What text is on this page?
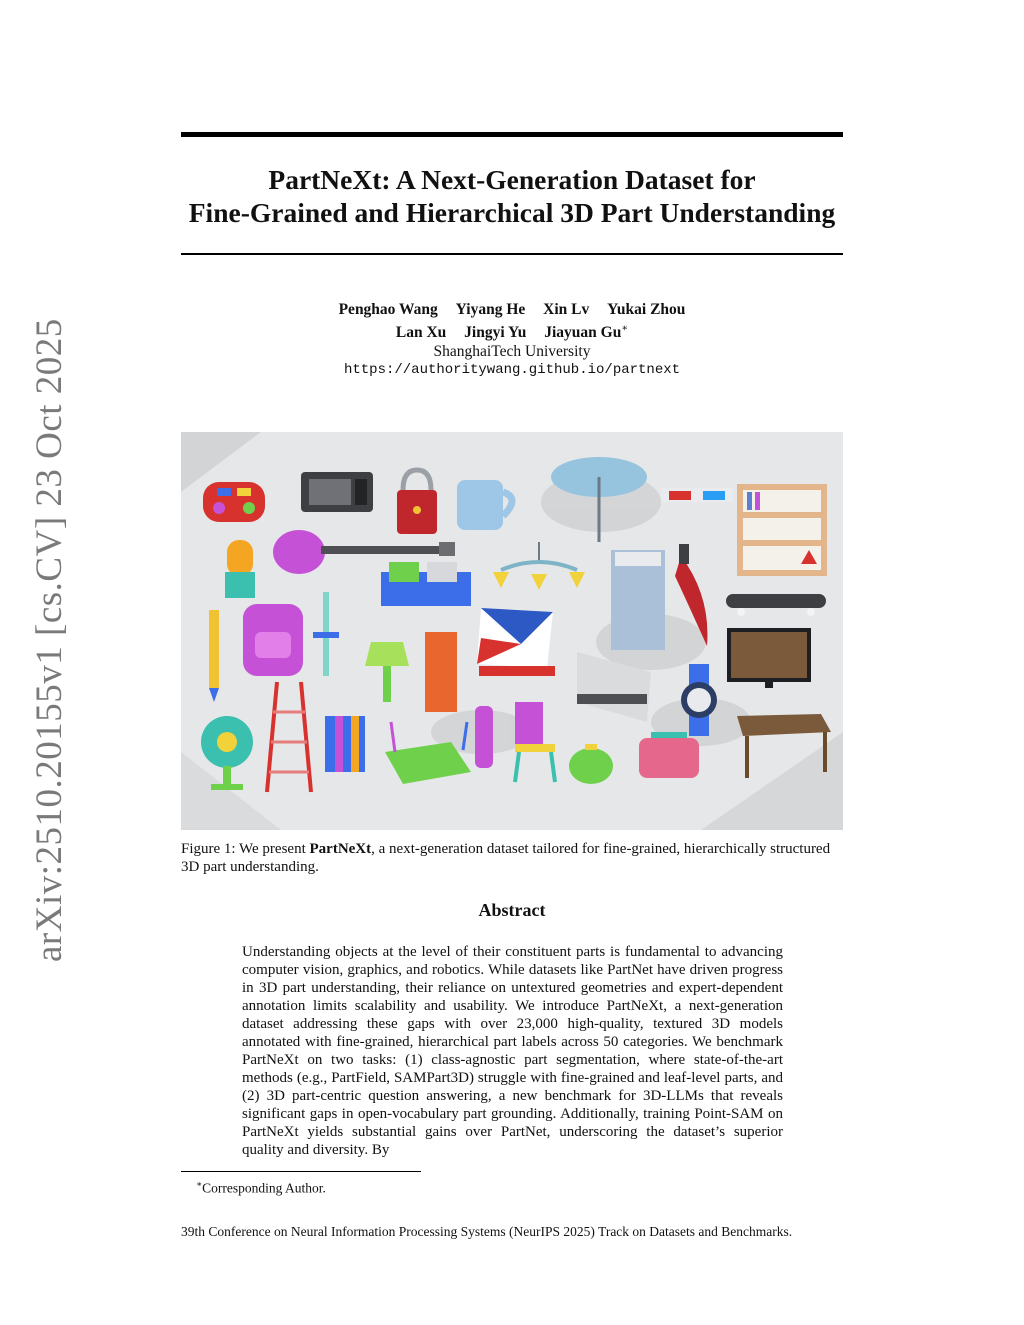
arXiv:2510.20155v1 [cs.CV] 23 Oct 2025
PartNeXt: A Next-Generation Dataset for
Fine-Grained and Hierarchical 3D Part Understanding
Penghao Wang Yiyang He Xin Lv Yukai Zhou
Lan Xu Jingyi Yu Jiayuan Gu∗
ShanghaiTech University
https://authoritywang.github.io/partnext
Figure 1: We present PartNeXt, a next-generation dataset tailored for fine-grained, hierarchically structured 3D part understanding.
Abstract
Understanding objects at the level of their constituent parts is fundamental to advancing computer vision, graphics, and robotics. While datasets like PartNet have driven progress in 3D part understanding, their reliance on untextured geometries and expert-dependent annotation limits scalability and usability. We introduce PartNeXt, a next-generation dataset addressing these gaps with over 23,000 high-quality, textured 3D models annotated with fine-grained, hierarchical part labels across 50 categories. We benchmark PartNeXt on two tasks: (1) class-agnostic part segmentation, where state-of-the-art methods (e.g., PartField, SAMPart3D) struggle with fine-grained and leaf-level parts, and (2) 3D part-centric question answering, a new benchmark for 3D-LLMs that reveals significant gaps in open-vocabulary part grounding. Additionally, training Point-SAM on PartNeXt yields substantial gains over PartNet, underscoring the dataset’s superior quality and diversity. By
∗Corresponding Author.
39th Conference on Neural Information Processing Systems (NeurIPS 2025) Track on Datasets and Benchmarks.
